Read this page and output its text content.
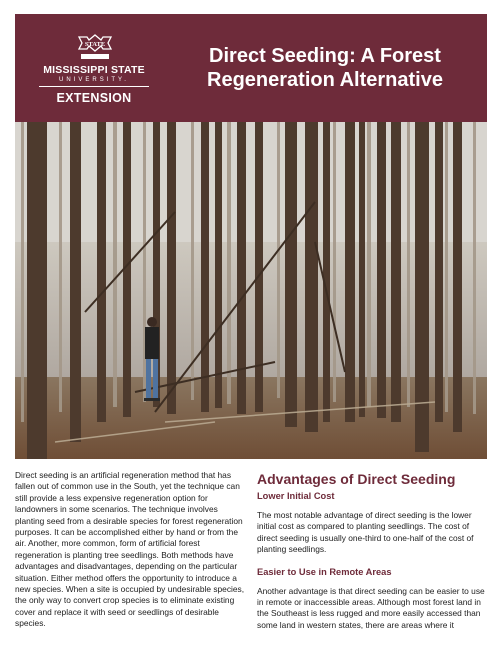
STATE
MISSISSIPPI STATE
UNIVERSITY.
EXTENSION
Direct Seeding: A Forest Regeneration Alternative

Direct seeding is an artificial regeneration method that has fallen out of common use in the South, yet the technique can still provide a less expensive regeneration option for landowners in some scenarios. The technique involves planting seed from a desirable species for forest regeneration purposes. It can be accomplished either by hand or from the air. Another, more common, form of artificial forest regeneration is planting tree seedlings. Both methods have advantages and disadvantages, depending on the particular situation. Either method offers the opportunity to introduce a new species. When a site is occupied by undesirable species, the only way to convert crop species is to eliminate existing cover and replace it with seed or seedlings of desirable species.

Advantages of Direct Seeding
Lower Initial Cost

The most notable advantage of direct seeding is the lower initial cost as compared to planting seedlings. The cost of direct seeding is usually one-third to one-half of the cost of planting seedlings.

Easier to Use in Remote Areas

Another advantage is that direct seeding can be easier to use in remote or inaccessible areas. Although most forest land in the Southeast is less rugged and more easily accessed than some land in western states, there are areas where it
